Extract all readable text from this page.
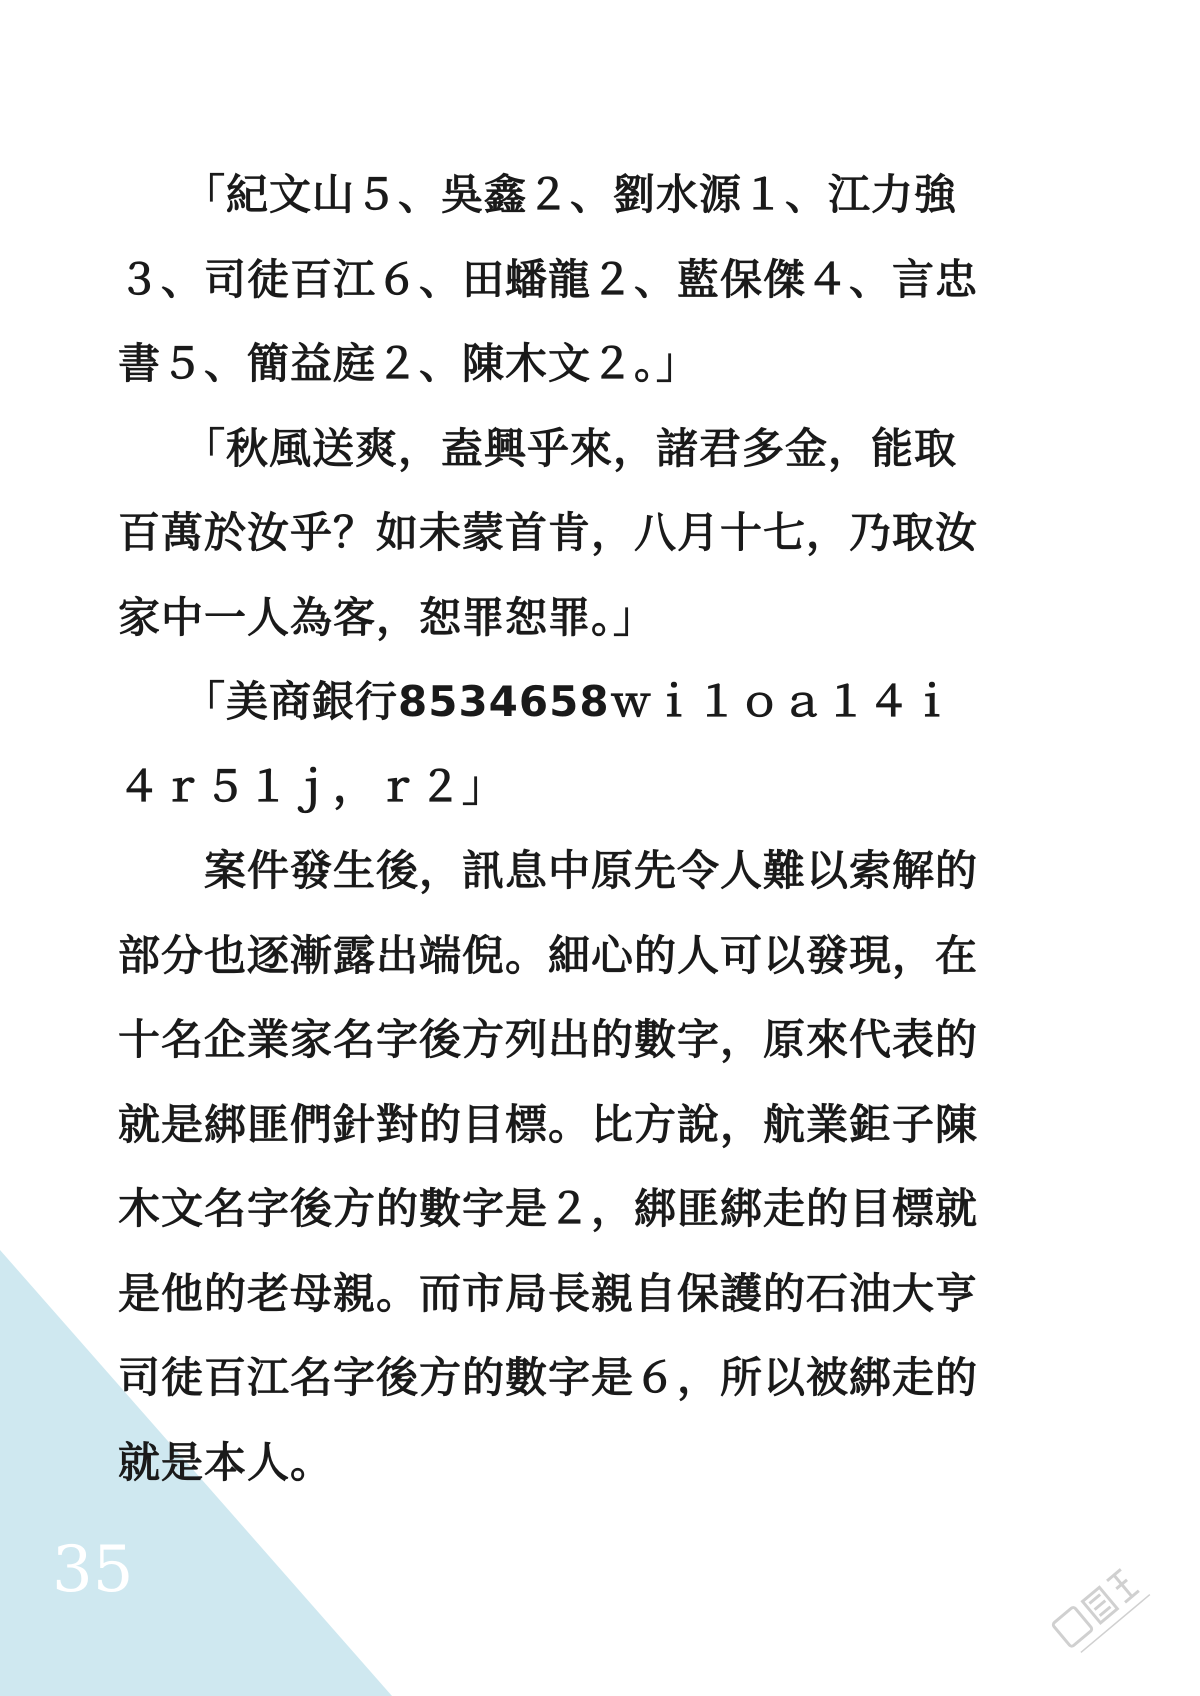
　　「紀文山５、吳鑫２、劉水源１、江力強
３、司徒百江６、田蟠龍２、藍保傑４、言忠
書５、簡益庭２、陳木文２。」
　　「秋風送爽，盍興乎來，諸君多金，能取
百萬於汝乎？如未蒙首肯，八月十七，乃取汝
家中一人為客，恕罪恕罪。」
　　「美商銀行8534658ｗｉ１ｏａ１４ｉ
４ｒ５１ｊ，ｒ２」
　　案件發生後，訊息中原先令人難以索解的
部分也逐漸露出端倪。細心的人可以發現，在
十名企業家名字後方列出的數字，原來代表的
就是綁匪們針對的目標。比方說，航業鉅子陳
木文名字後方的數字是２，綁匪綁走的目標就
是他的老母親。而市局長親自保護的石油大亨
司徒百江名字後方的數字是６，所以被綁走的
就是本人。
35
